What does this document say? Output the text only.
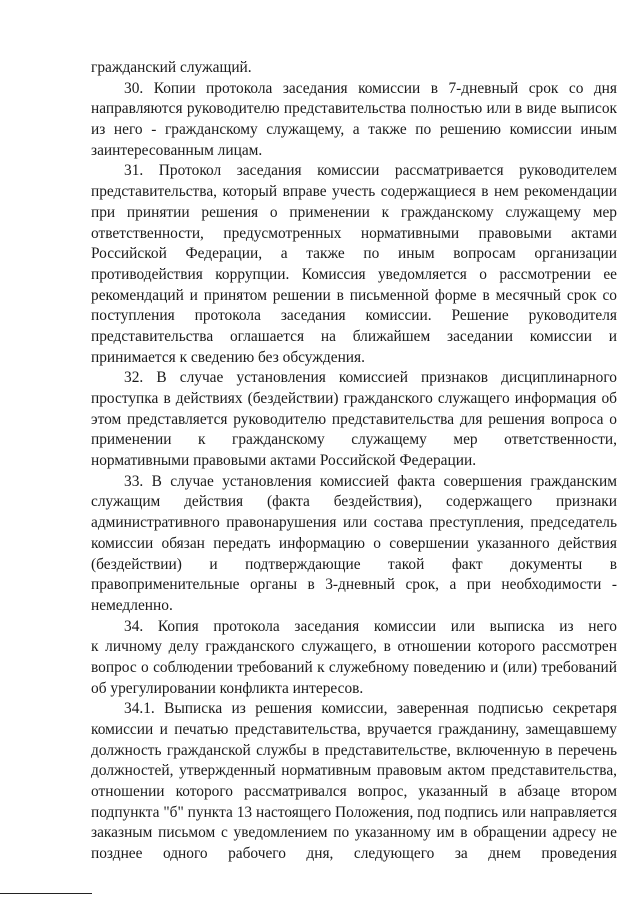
гражданский служащий.
30. Копии протокола заседания комиссии в 7-дневный срок со дня
направляются руководителю представительства полностью или в виде выписок
из него - гражданскому служащему, а также по решению комиссии иным
заинтересованным лицам.
31. Протокол заседания комиссии рассматривается руководителем
представительства, который вправе учесть содержащиеся в нем рекомендации
при принятии решения о применении к гражданскому служащему мер
ответственности, предусмотренных нормативными правовыми актами
Российской Федерации, а также по иным вопросам организации
противодействия коррупции. Комиссия уведомляется о рассмотрении ее
рекомендаций и принятом решении в письменной форме в месячный срок со
поступления протокола заседания комиссии. Решение руководителя
представительства оглашается на ближайшем заседании комиссии и
принимается к сведению без обсуждения.
32. В случае установления комиссией признаков дисциплинарного
проступка в действиях (бездействии) гражданского служащего информация об
этом представляется руководителю представительства для решения вопроса о
применении к гражданскому служащему мер ответственности,
нормативными правовыми актами Российской Федерации.
33. В случае установления комиссией факта совершения гражданским
служащим действия (факта бездействия), содержащего признаки
административного правонарушения или состава преступления, председатель
комиссии обязан передать информацию о совершении указанного действия
(бездействии) и подтверждающие такой факт документы в
правоприменительные органы в 3-дневный срок, а при необходимости -
немедленно.
34. Копия протокола заседания комиссии или выписка из него
к личному делу гражданского служащего, в отношении которого рассмотрен
вопрос о соблюдении требований к служебному поведению и (или) требований
об урегулировании конфликта интересов.
34.1. Выписка из решения комиссии, заверенная подписью секретаря
комиссии и печатью представительства, вручается гражданину, замещавшему
должность гражданской службы в представительстве, включенную в перечень
должностей, утвержденный нормативным правовым актом представительства,
отношении которого рассматривался вопрос, указанный в абзаце втором
подпункта "б" пункта 13 настоящего Положения, под подпись или направляется
заказным письмом с уведомлением по указанному им в обращении адресу не
позднее одного рабочего дня, следующего за днем проведения
